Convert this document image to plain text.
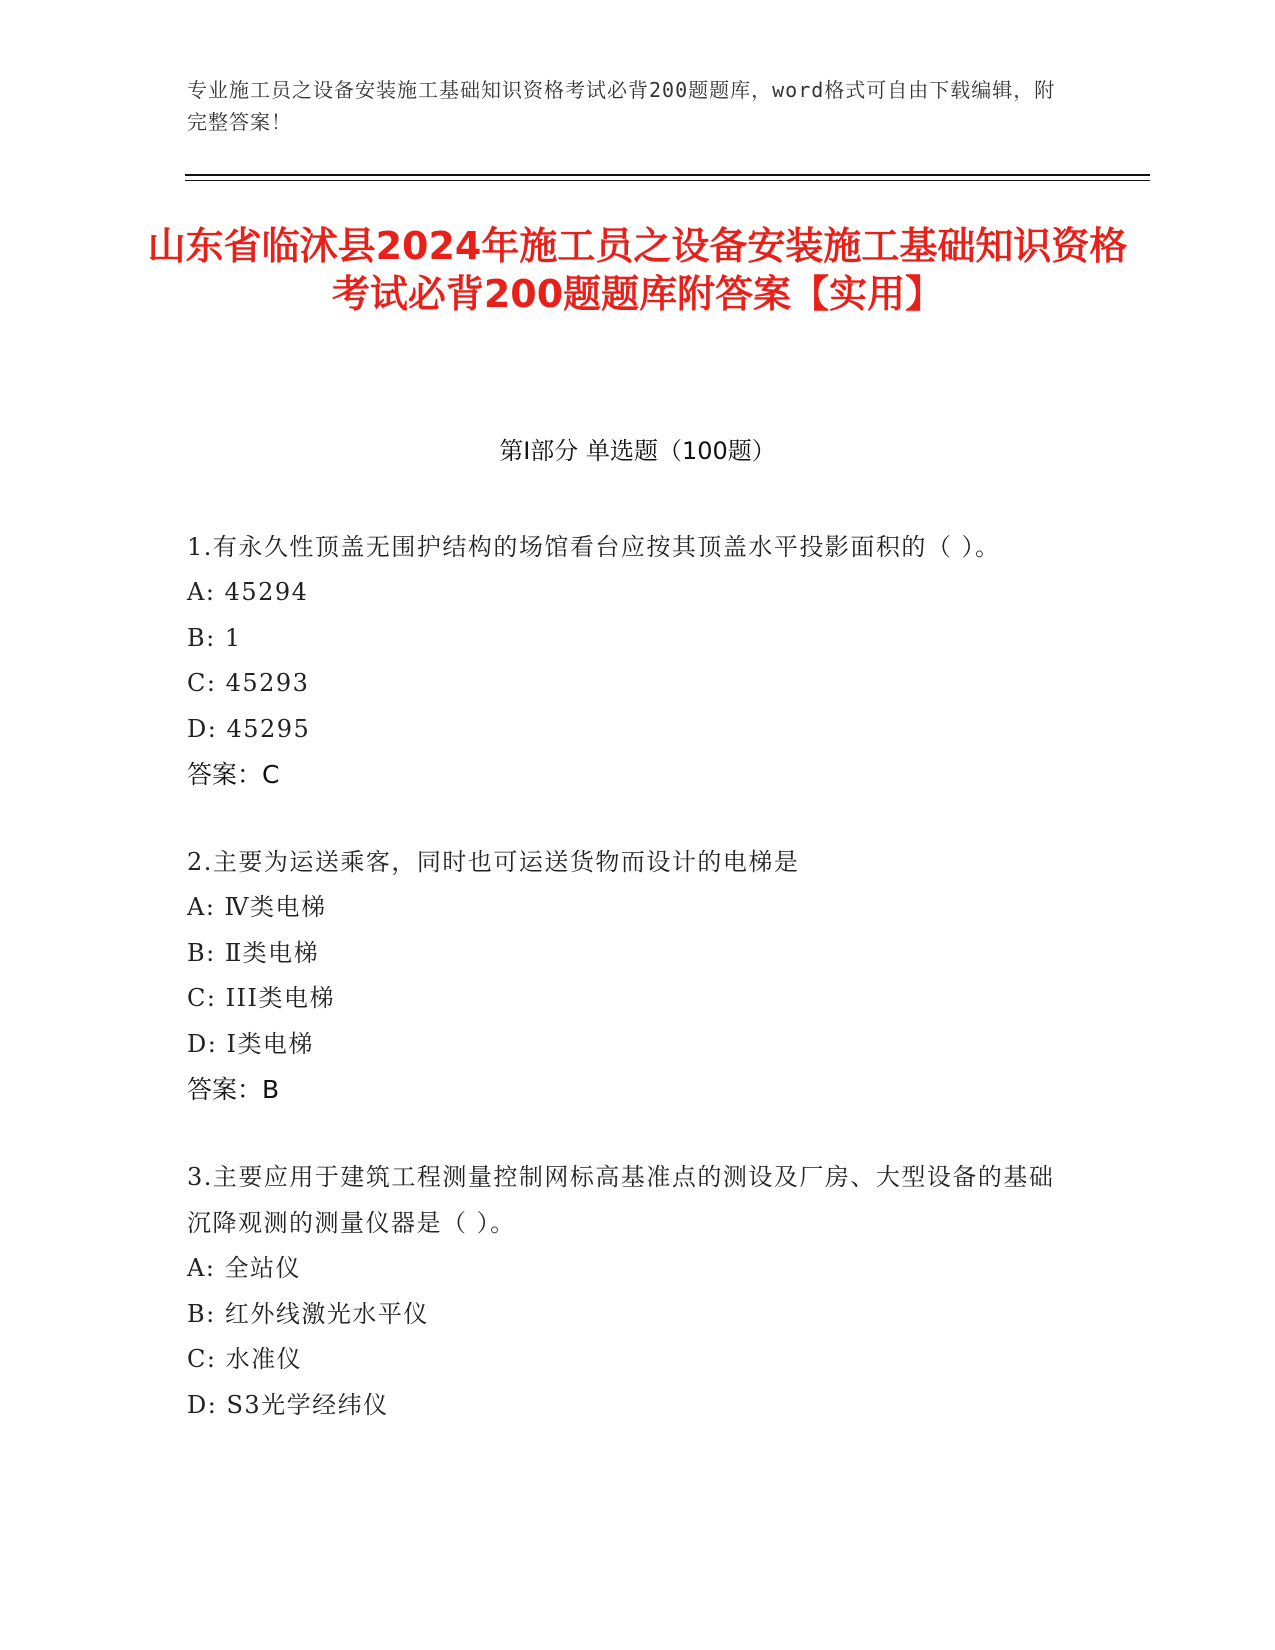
专业施工员之设备安装施工基础知识资格考试必背200题题库，word格式可自由下载编辑，附完整答案！
山东省临沭县2024年施工员之设备安装施工基础知识资格考试必背200题题库附答案【实用】
第I部分 单选题（100题）
1.有永久性顶盖无围护结构的场馆看台应按其顶盖水平投影面积的（ ）。
A: 45294
B: 1
C: 45293
D: 45295
答案：C
2.主要为运送乘客，同时也可运送货物而设计的电梯是
A: Ⅳ类电梯
B: Ⅱ类电梯
C: III类电梯
D: I类电梯
答案：B
3.主要应用于建筑工程测量控制网标高基准点的测设及厂房、大型设备的基础沉降观测的测量仪器是（ ）。
A: 全站仪
B: 红外线激光水平仪
C: 水准仪
D: S3光学经纬仪
